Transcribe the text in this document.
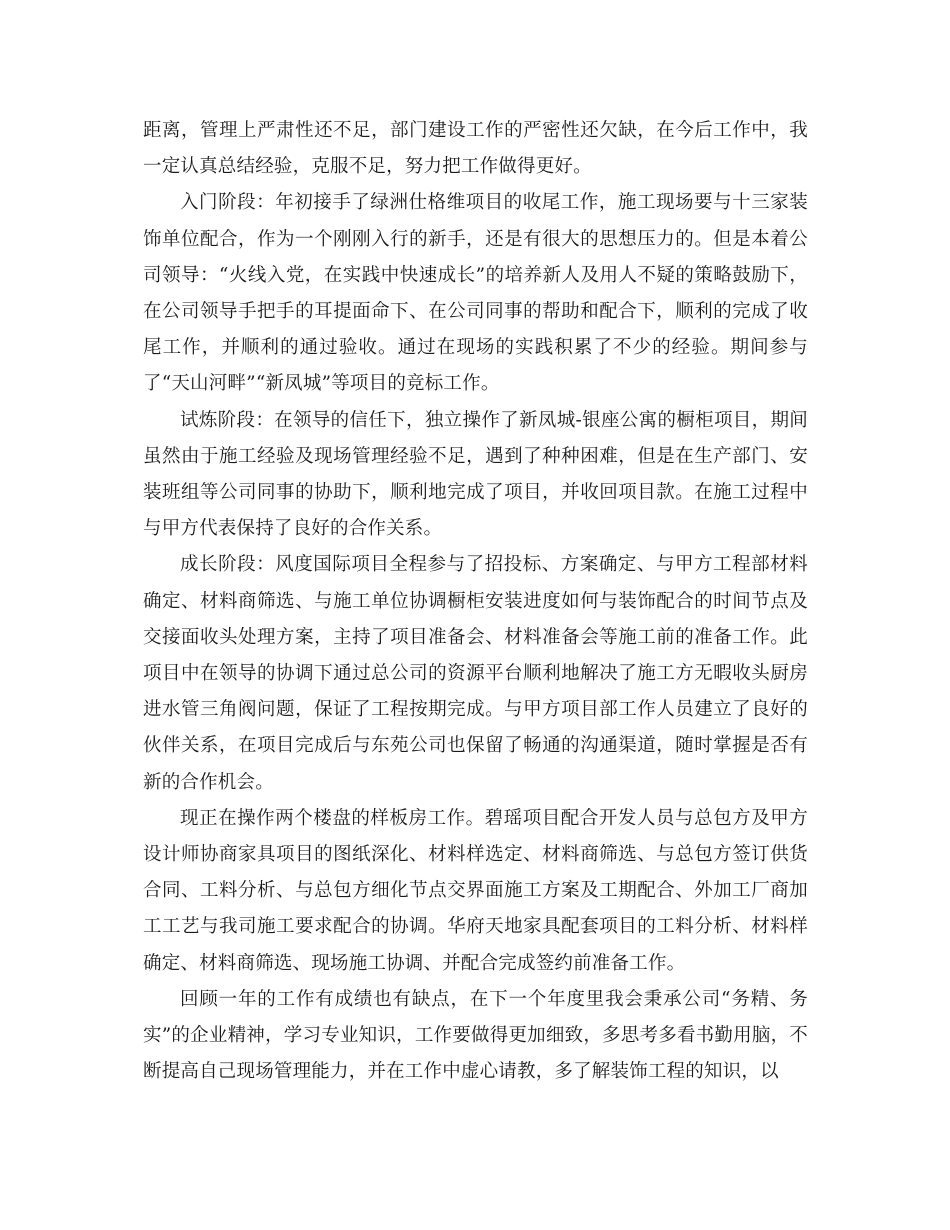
距离，管理上严肃性还不足，部门建设工作的严密性还欠缺，在今后工作中，我一定认真总结经验，克服不足，努力把工作做得更好。

入门阶段：年初接手了绿洲仕格维项目的收尾工作，施工现场要与十三家装饰单位配合，作为一个刚刚入行的新手，还是有很大的思想压力的。但是本着公司领导：“火线入党，在实践中快速成长”的培养新人及用人不疑的策略鼓励下，在公司领导手把手的耳提面命下、在公司同事的帮助和配合下，顺利的完成了收尾工作，并顺利的通过验收。通过在现场的实践积累了不少的经验。期间参与了“天山河畔”“新凤城”等项目的竞标工作。

试炼阶段：在领导的信任下，独立操作了新凤城-银座公寓的橱柜项目，期间虽然由于施工经验及现场管理经验不足，遇到了种种困难，但是在生产部门、安装班组等公司同事的协助下，顺利地完成了项目，并收回项目款。在施工过程中与甲方代表保持了良好的合作关系。

成长阶段：风度国际项目全程参与了招投标、方案确定、与甲方工程部材料确定、材料商筛选、与施工单位协调橱柜安装进度如何与装饰配合的时间节点及交接面收头处理方案，主持了项目准备会、材料准备会等施工前的准备工作。此项目中在领导的协调下通过总公司的资源平台顺利地解决了施工方无暇收头厨房进水管三角阀问题，保证了工程按期完成。与甲方项目部工作人员建立了良好的伙伴关系，在项目完成后与东苑公司也保留了畅通的沟通渠道，随时掌握是否有新的合作机会。

现正在操作两个楼盘的样板房工作。碧瑶项目配合开发人员与总包方及甲方设计师协商家具项目的图纸深化、材料样选定、材料商筛选、与总包方签订供货合同、工料分析、与总包方细化节点交界面施工方案及工期配合、外加工厂商加工工艺与我司施工要求配合的协调。华府天地家具配套项目的工料分析、材料样确定、材料商筛选、现场施工协调、并配合完成签约前准备工作。

回顾一年的工作有成绩也有缺点，在下一个年度里我会秉承公司“务精、务实”的企业精神，学习专业知识，工作要做得更加细致，多思考多看书勤用脑，不断提高自己现场管理能力，并在工作中虚心请教，多了解装饰工程的知识，以
